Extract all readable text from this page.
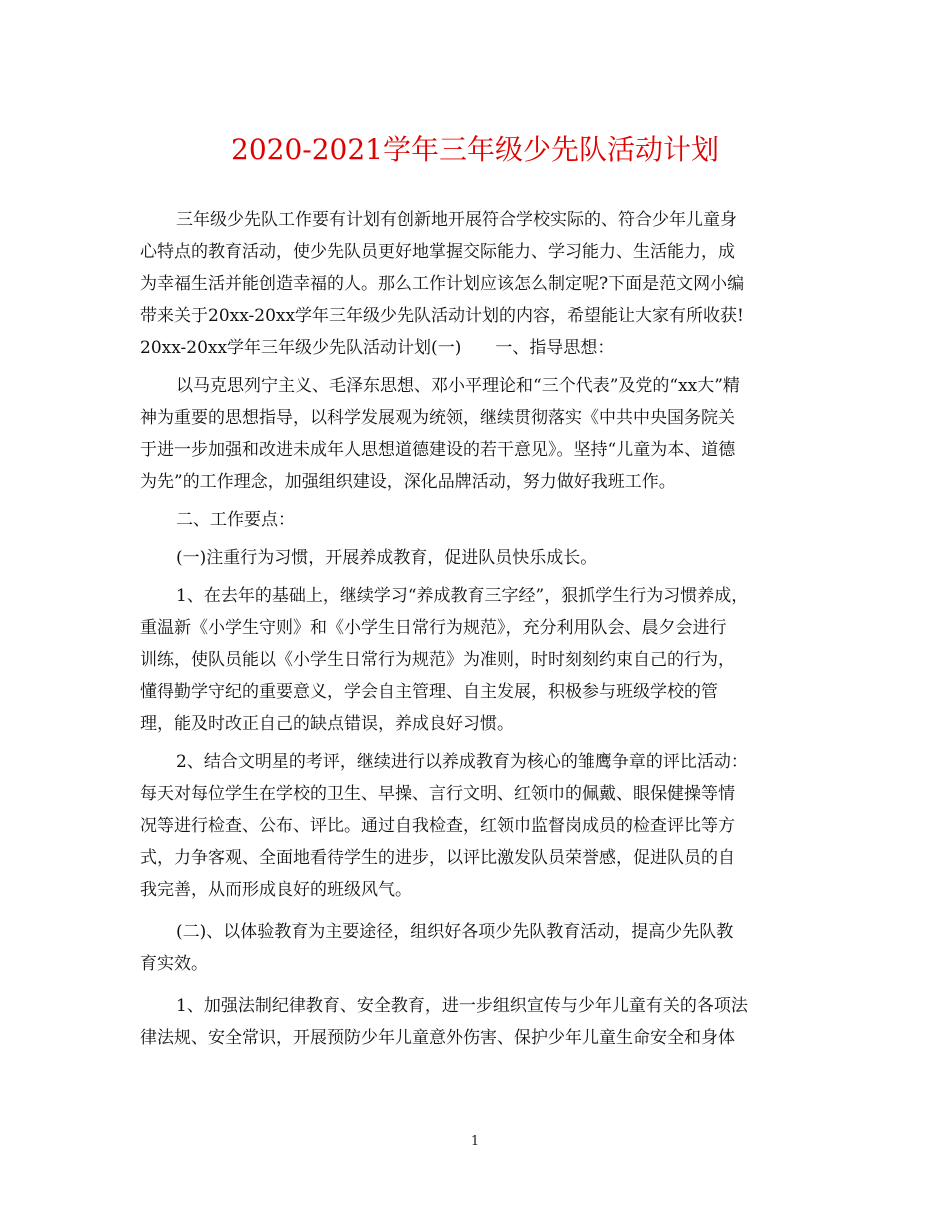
2020-2021学年三年级少先队活动计划

三年级少先队工作要有计划有创新地开展符合学校实际的、符合少年儿童身
心特点的教育活动，使少先队员更好地掌握交际能力、学习能力、生活能力，成
为幸福生活并能创造幸福的人。那么工作计划应该怎么制定呢?下面是范文网小编
带来关于20xx-20xx学年三年级少先队活动计划的内容，希望能让大家有所收获!
20xx-20xx学年三年级少先队活动计划(一)　　一、指导思想：

以马克思列宁主义、毛泽东思想、邓小平理论和“三个代表”及党的“xx大”精
神为重要的思想指导，以科学发展观为统领，继续贯彻落实《中共中央国务院关
于进一步加强和改进未成年人思想道德建设的若干意见》。坚持“儿童为本、道德
为先”的工作理念，加强组织建设，深化品牌活动，努力做好我班工作。

二、工作要点：

(一)注重行为习惯，开展养成教育，促进队员快乐成长。

1、在去年的基础上，继续学习“养成教育三字经”，狠抓学生行为习惯养成，
重温新《小学生守则》和《小学生日常行为规范》，充分利用队会、晨夕会进行
训练，使队员能以《小学生日常行为规范》为准则，时时刻刻约束自己的行为，
懂得勤学守纪的重要意义，学会自主管理、自主发展，积极参与班级学校的管
理，能及时改正自己的缺点错误，养成良好习惯。

2、结合文明星的考评，继续进行以养成教育为核心的雏鹰争章的评比活动：
每天对每位学生在学校的卫生、早操、言行文明、红领巾的佩戴、眼保健操等情
况等进行检查、公布、评比。通过自我检查，红领巾监督岗成员的检查评比等方
式，力争客观、全面地看待学生的进步，以评比激发队员荣誉感，促进队员的自
我完善，从而形成良好的班级风气。

(二)、以体验教育为主要途径，组织好各项少先队教育活动，提高少先队教
育实效。

1、加强法制纪律教育、安全教育，进一步组织宣传与少年儿童有关的各项法
律法规、安全常识，开展预防少年儿童意外伤害、保护少年儿童生命安全和身体

1
